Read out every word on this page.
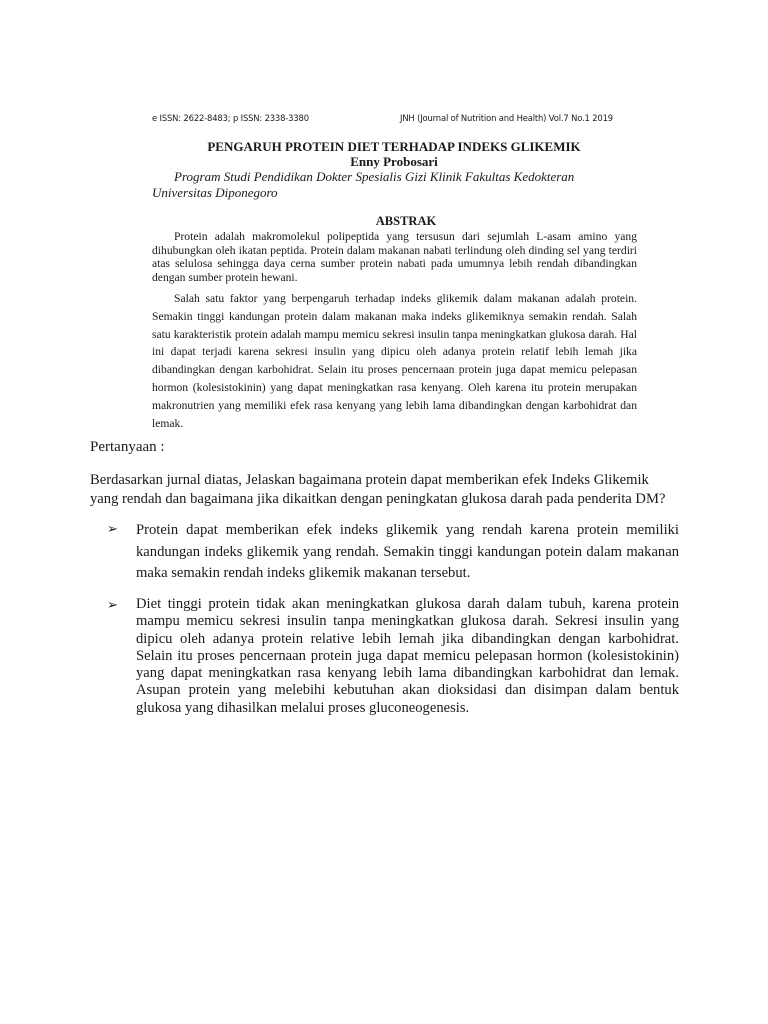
e ISSN: 2622-8483; p ISSN: 2338-3380	JNH (Journal of Nutrition and Health) Vol.7 No.1 2019
PENGARUH PROTEIN DIET TERHADAP INDEKS GLIKEMIK
Enny Probosari
Program Studi Pendidikan Dokter Spesialis Gizi Klinik Fakultas Kedokteran Universitas Diponegoro
ABSTRAK

Protein adalah makromolekul polipeptida yang tersusun dari sejumlah L-asam amino yang dihubungkan oleh ikatan peptida. Protein dalam makanan nabati terlindung oleh dinding sel yang terdiri atas selulosa sehingga daya cerna sumber protein nabati pada umumnya lebih rendah dibandingkan dengan sumber protein hewani.

Salah satu faktor yang berpengaruh terhadap indeks glikemik dalam makanan adalah protein. Semakin tinggi kandungan protein dalam makanan maka indeks glikemiknya semakin rendah. Salah satu karakteristik protein adalah mampu memicu sekresi insulin tanpa meningkatkan glukosa darah. Hal ini dapat terjadi karena sekresi insulin yang dipicu oleh adanya protein relatif lebih lemah jika dibandingkan dengan karbohidrat. Selain itu proses pencernaan protein juga dapat memicu pelepasan hormon (kolesistokinin) yang dapat meningkatkan rasa kenyang. Oleh karena itu protein merupakan makronutrien yang memiliki efek rasa kenyang yang lebih lama dibandingkan dengan karbohidrat dan lemak.

Pertanyaan :

Berdasarkan jurnal diatas, Jelaskan bagaimana protein dapat memberikan efek Indeks Glikemik yang rendah dan bagaimana jika dikaitkan dengan peningkatan glukosa darah pada penderita DM?

➢	Protein dapat memberikan efek indeks glikemik yang rendah karena protein memiliki kandungan indeks glikemik yang rendah. Semakin tinggi kandungan potein dalam makanan maka semakin rendah indeks glikemik makanan tersebut.

➢	Diet tinggi protein tidak akan meningkatkan glukosa darah dalam tubuh, karena protein mampu memicu sekresi insulin tanpa meningkatkan glukosa darah. Sekresi insulin yang dipicu oleh adanya protein relative lebih lemah jika dibandingkan dengan karbohidrat. Selain itu proses pencernaan protein juga dapat memicu pelepasan hormon (kolesistokinin) yang dapat meningkatkan rasa kenyang lebih lama dibandingkan karbohidrat dan lemak. Asupan protein yang melebihi kebutuhan akan dioksidasi dan disimpan dalam bentuk glukosa yang dihasilkan melalui proses gluconeogenesis.
